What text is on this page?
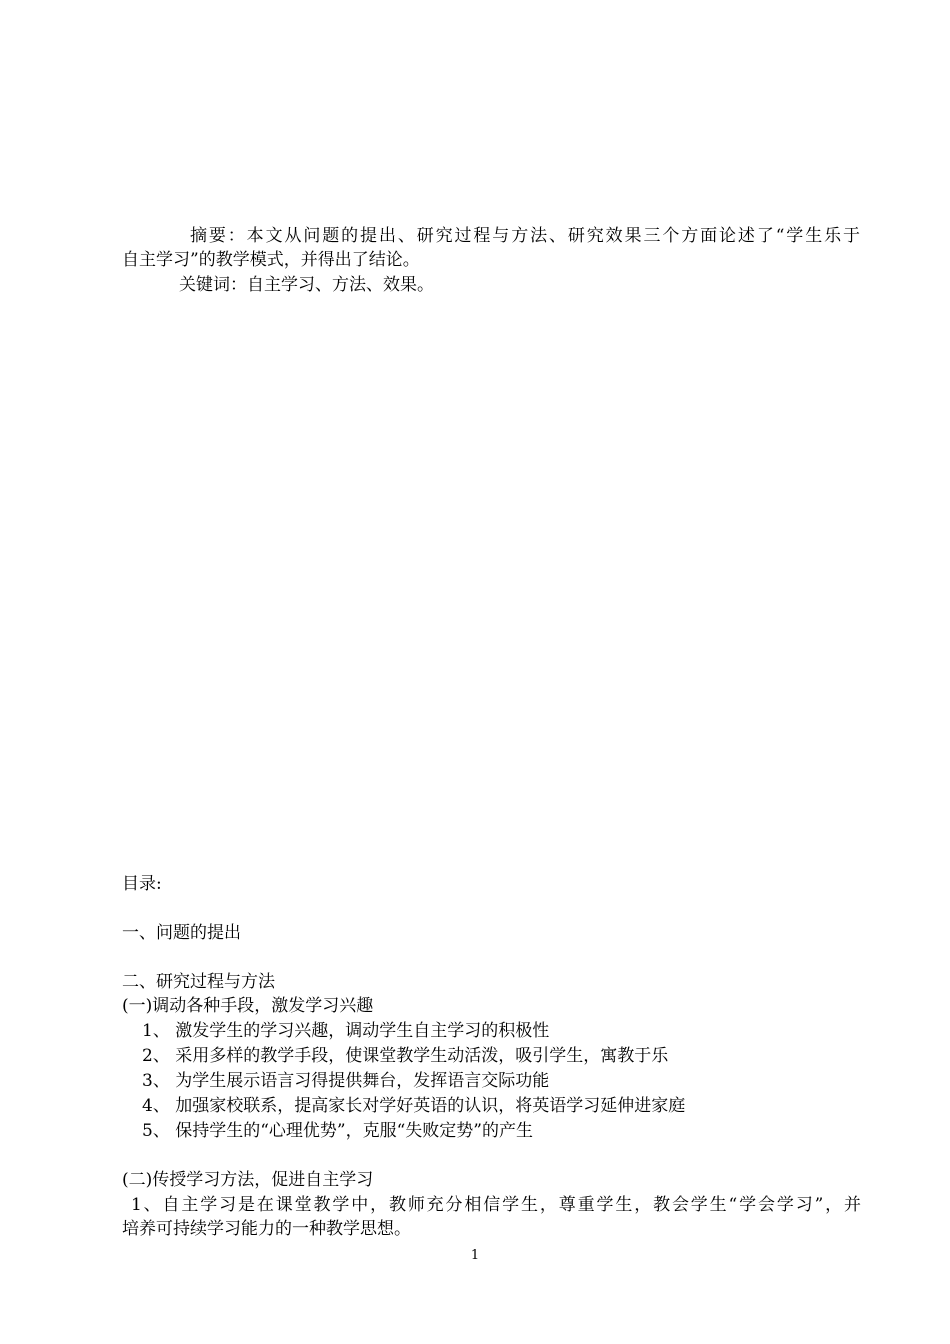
摘要：本文从问题的提出、研究过程与方法、研究效果三个方面论述了“学生乐于
自主学习”的教学模式，并得出了结论。
关键词：自主学习、方法、效果。
目录:
一、问题的提出
二、研究过程与方法
(一)调动各种手段，激发学习兴趣
1、 激发学生的学习兴趣，调动学生自主学习的积极性
2、 采用多样的教学手段，使课堂教学生动活泼，吸引学生，寓教于乐
3、 为学生展示语言习得提供舞台，发挥语言交际功能
4、 加强家校联系，提高家长对学好英语的认识，将英语学习延伸进家庭
5、 保持学生的“心理优势”，克服“失败定势”的产生
(二)传授学习方法，促进自主学习
1、自主学习是在课堂教学中，教师充分相信学生，尊重学生，教会学生“学会学习”，并
培养可持续学习能力的一种教学思想。
1
